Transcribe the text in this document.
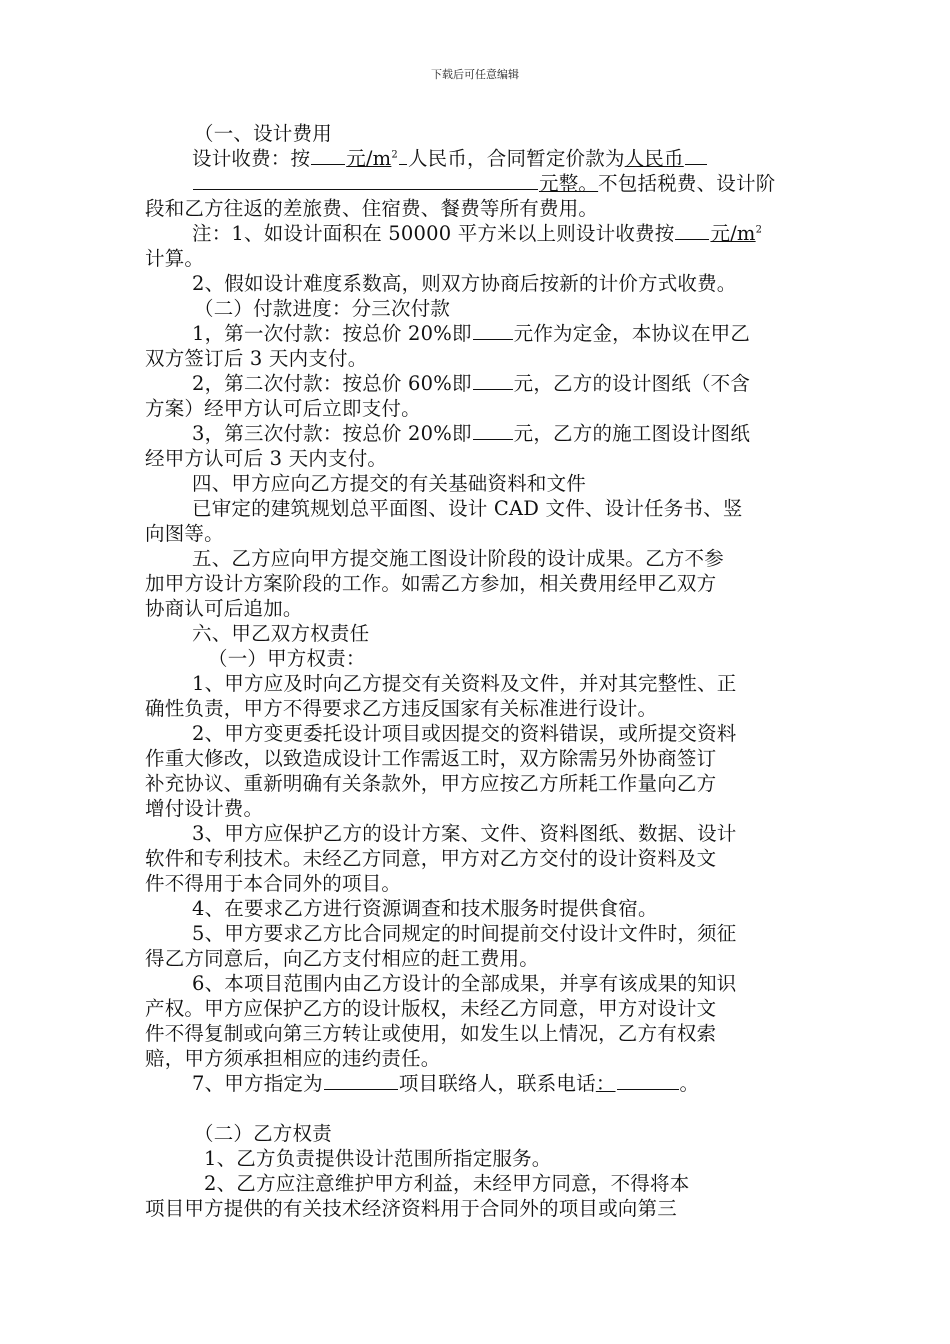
下载后可任意编辑
（一、设计费用
设计收费：按 元$/m^2$ 人民币，合同暂定价款为人民币
元整。不包括税费、设计阶
段和乙方往返的差旅费、住宿费、餐费等所有费用。
注：1、如设计面积在 50000 平方米以上则设计收费按 元$/m^2$
计算。
2、假如设计难度系数高，则双方协商后按新的计价方式收费。
（二）付款进度：分三次付款
1，第一次付款：按总价 20%即 元作为定金，本协议在甲乙
双方签订后 3 天内支付。
2，第二次付款：按总价 60%即 元，乙方的设计图纸（不含
方案）经甲方认可后立即支付。
3，第三次付款：按总价 20%即 元，乙方的施工图设计图纸
经甲方认可后 3 天内支付。
四、甲方应向乙方提交的有关基础资料和文件
已审定的建筑规划总平面图、设计 CAD 文件、设计任务书、竖
向图等。
五、乙方应向甲方提交施工图设计阶段的设计成果。乙方不参
加甲方设计方案阶段的工作。如需乙方参加，相关费用经甲乙双方
协商认可后追加。
六、甲乙双方权责任
（一）甲方权责：
1、甲方应及时向乙方提交有关资料及文件，并对其完整性、正
确性负责，甲方不得要求乙方违反国家有关标准进行设计。
2、甲方变更委托设计项目或因提交的资料错误，或所提交资料
作重大修改，以致造成设计工作需返工时，双方除需另外协商签订
补充协议、重新明确有关条款外，甲方应按乙方所耗工作量向乙方
增付设计费。
3、甲方应保护乙方的设计方案、文件、资料图纸、数据、设计
软件和专利技术。未经乙方同意，甲方对乙方交付的设计资料及文
件不得用于本合同外的项目。
4、在要求乙方进行资源调查和技术服务时提供食宿。
5、甲方要求乙方比合同规定的时间提前交付设计文件时，须征
得乙方同意后，向乙方支付相应的赶工费用。
6、本项目范围内由乙方设计的全部成果，并享有该成果的知识
产权。甲方应保护乙方的设计版权，未经乙方同意，甲方对设计文
件不得复制或向第三方转让或使用，如发生以上情况，乙方有权索
赔，甲方须承担相应的违约责任。
7、甲方指定为	项目联络人，联系电话：	。
（二）乙方权责
1、乙方负责提供设计范围所指定服务。
2、乙方应注意维护甲方利益，未经甲方同意，不得将本
项目甲方提供的有关技术经济资料用于合同外的项目或向第三
